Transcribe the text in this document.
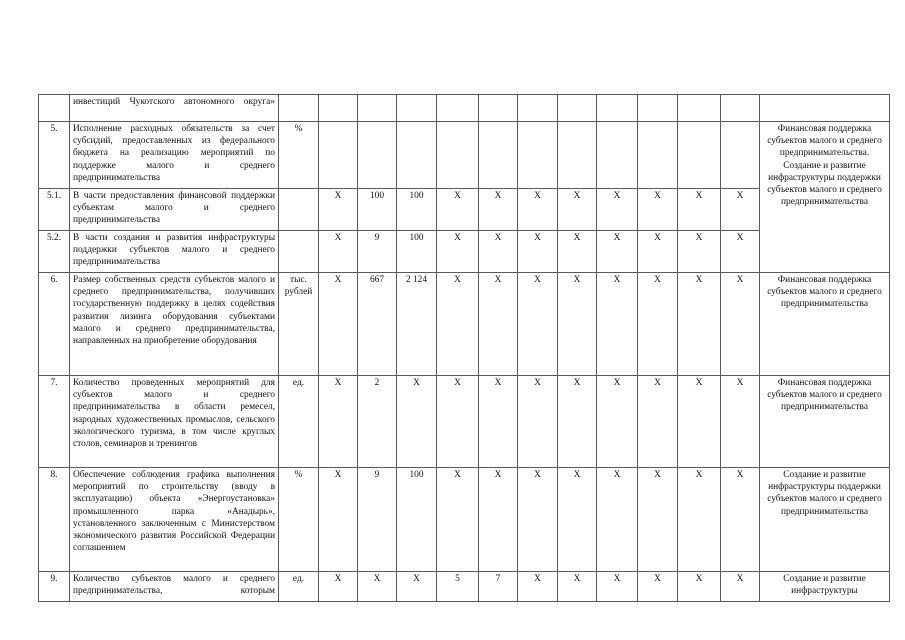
	инвестиций Чукотского автономного округа»													
5.	Исполнение расходных обязательств за счет субсидий, предоставленных из федерального бюджета на реализацию мероприятий по поддержке малого и среднего предпринимательства	%												Финансовая поддержка субъектов малого и среднего предпринимательства. Создание и развитие инфраструктуры поддержки субъектов малого и среднего предпринимательства
5.1.	В части предоставления финансовой поддержки субъектам малого и среднего предпринимательства		X	100	100	X	X	X	X	X	X	X	X	
5.2.	В части создания и развития инфраструктуры поддержки субъектов малого и среднего предпринимательства		X	9	100	X	X	X	X	X	X	X	X	
6.	Размер собственных средств субъектов малого и среднего предпринимательства, получивших государственную поддержку в целях содействия развития лизинга оборудования субъектами малого и среднего предпринимательства, направленных на приобретение оборудования	тыс. рублей	X	667	2 124	X	X	X	X	X	X	X	X	Финансовая поддержка субъектов малого и среднего предпринимательства
7.	Количество проведенных мероприятий для субъектов малого и среднего предпринимательства в области ремесел, народных художественных промыслов, сельского экологического туризма, в том числе круглых столов, семинаров и тренингов	ед.	X	2	X	X	X	X	X	X	X	X	X	Финансовая поддержка субъектов малого и среднего предпринимательства
8.	Обеспечение соблюдения графика выполнения мероприятий по строительству (вводу в эксплуатацию) объекта «Энергоустановка» промышленного парка «Анадырь», установленного заключенным с Министерством экономического развития Российской Федерации соглашением	%	X	9	100	X	X	X	X	X	X	X	X	Создание и развитие инфраструктуры поддержки субъектов малого и среднего предпринимательства
9.	Количество субъектов малого и среднего предпринимательства, которым	ед.	X	X	X	5	7	X	X	X	X	X	X	Создание и развитие инфраструктуры
